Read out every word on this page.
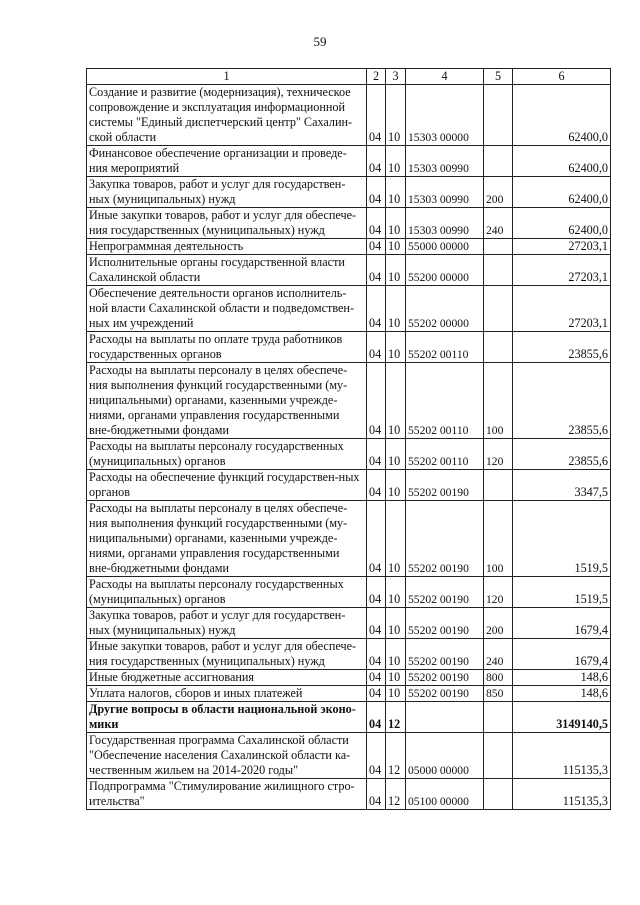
59
1	2	3	4	5	6
Создание и развитие (модернизация), техническое сопровождение и эксплуатация информационной системы "Единый диспетчерский центр" Сахалин-ской области	04	10	15303 00000		62400,0
Финансовое обеспечение организации и проведе-ния мероприятий	04	10	15303 00990		62400,0
Закупка товаров, работ и услуг для государствен-ных (муниципальных) нужд	04	10	15303 00990	200	62400,0
Иные закупки товаров, работ и услуг для обеспече-ния государственных (муниципальных) нужд	04	10	15303 00990	240	62400,0
Непрограммная деятельность	04	10	55000 00000		27203,1
Исполнительные органы государственной власти Сахалинской области	04	10	55200 00000		27203,1
Обеспечение деятельности органов исполнитель-ной власти Сахалинской области и подведомствен-ных им учреждений	04	10	55202 00000		27203,1
Расходы на выплаты по оплате труда работников государственных органов	04	10	55202 00110		23855,6
Расходы на выплаты персоналу в целях обеспече-ния выполнения функций государственными (му-ниципальными) органами, казенными учрежде-ниями, органами управления государственными вне-бюджетными фондами	04	10	55202 00110	100	23855,6
Расходы на выплаты персоналу государственных (муниципальных) органов	04	10	55202 00110	120	23855,6
Расходы на обеспечение функций государствен-ных органов	04	10	55202 00190		3347,5
Расходы на выплаты персоналу в целях обеспече-ния выполнения функций государственными (му-ниципальными) органами, казенными учрежде-ниями, органами управления государственными вне-бюджетными фондами	04	10	55202 00190	100	1519,5
Расходы на выплаты персоналу государственных (муниципальных) органов	04	10	55202 00190	120	1519,5
Закупка товаров, работ и услуг для государствен-ных (муниципальных) нужд	04	10	55202 00190	200	1679,4
Иные закупки товаров, работ и услуг для обеспече-ния государственных (муниципальных) нужд	04	10	55202 00190	240	1679,4
Иные бюджетные ассигнования	04	10	55202 00190	800	148,6
Уплата налогов, сборов и иных платежей	04	10	55202 00190	850	148,6
Другие вопросы в области национальной эконо-мики	04	12			3149140,5
Государственная программа Сахалинской области "Обеспечение населения Сахалинской области ка-чественным жильем на 2014-2020 годы"	04	12	05000 00000		115135,3
Подпрограмма "Стимулирование жилищного стро-ительства"	04	12	05100 00000		115135,3
